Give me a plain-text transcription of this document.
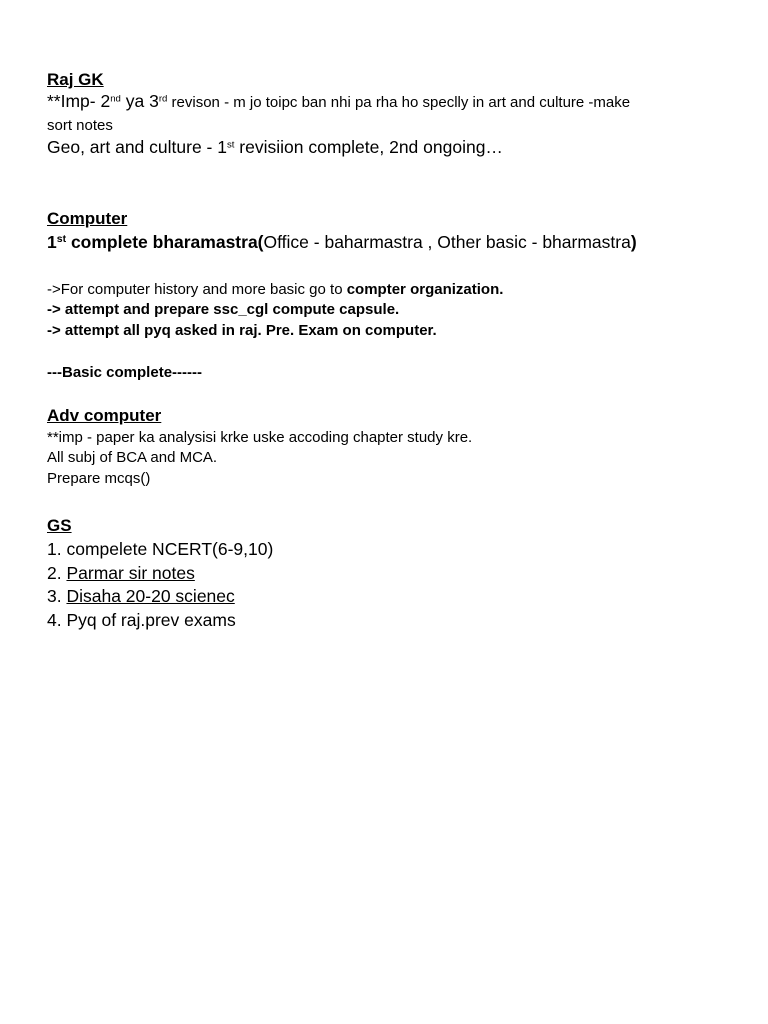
Raj GK
**Imp- 2nd ya 3rd revison - m jo toipc ban nhi pa rha ho speclly in art and culture -make
sort notes
Geo, art and culture - 1st revisiion complete, 2nd ongoing…
Computer
1st complete bharamastra(Office - baharmastra , Other basic - bharmastra)
->For computer history and more basic go to compter organization.
-> attempt and prepare ssc_cgl compute capsule.
-> attempt all pyq asked in raj. Pre. Exam on computer.
---Basic complete------
Adv computer
**imp - paper ka analysisi krke uske accoding chapter study kre.
All subj of BCA and MCA.
Prepare mcqs()
GS
1. compelete NCERT(6-9,10)
2. Parmar sir notes
3. Disaha 20-20 scienec
4. Pyq of raj.prev exams
